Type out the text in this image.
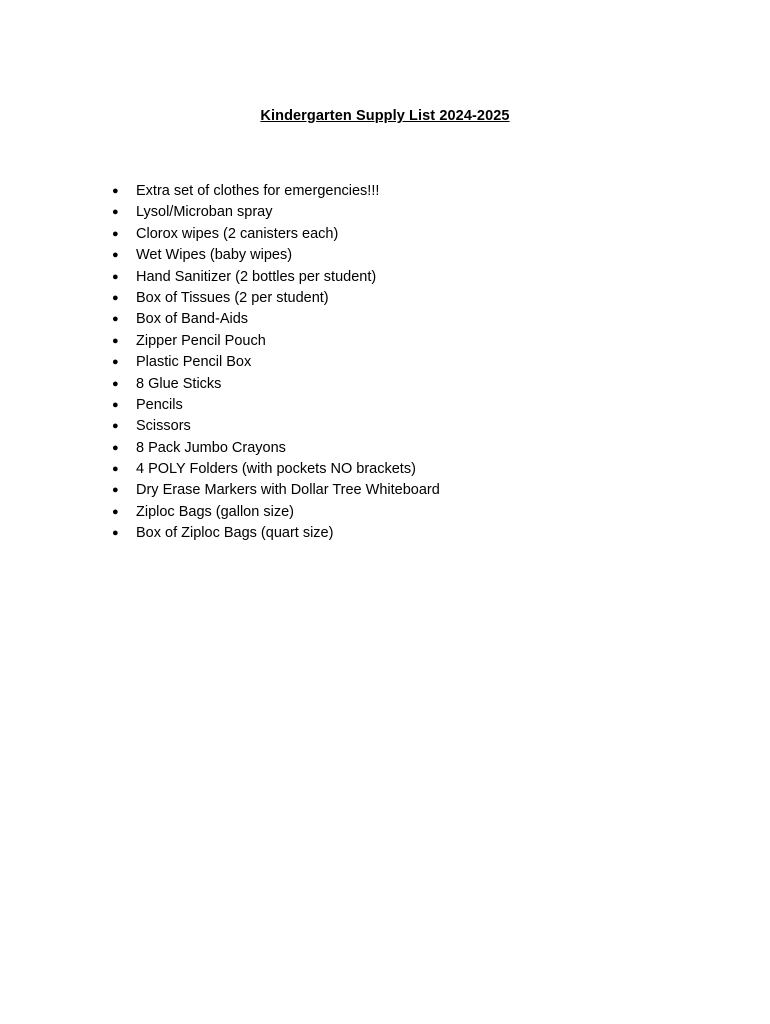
Kindergarten Supply List 2024-2025
●	Extra set of clothes for emergencies!!!
●	Lysol/Microban spray
●	Clorox wipes (2 canisters each)
●	Wet Wipes (baby wipes)
●	Hand Sanitizer (2 bottles per student)
●	Box of Tissues (2 per student)
●	Box of Band-Aids
●	Zipper Pencil Pouch
●	Plastic Pencil Box
●	8 Glue Sticks
●	Pencils
●	Scissors
●	8 Pack Jumbo Crayons
●	4 POLY Folders (with pockets NO brackets)
●	Dry Erase Markers with Dollar Tree Whiteboard
●	Ziploc Bags (gallon size)
●	Box of Ziploc Bags (quart size)
